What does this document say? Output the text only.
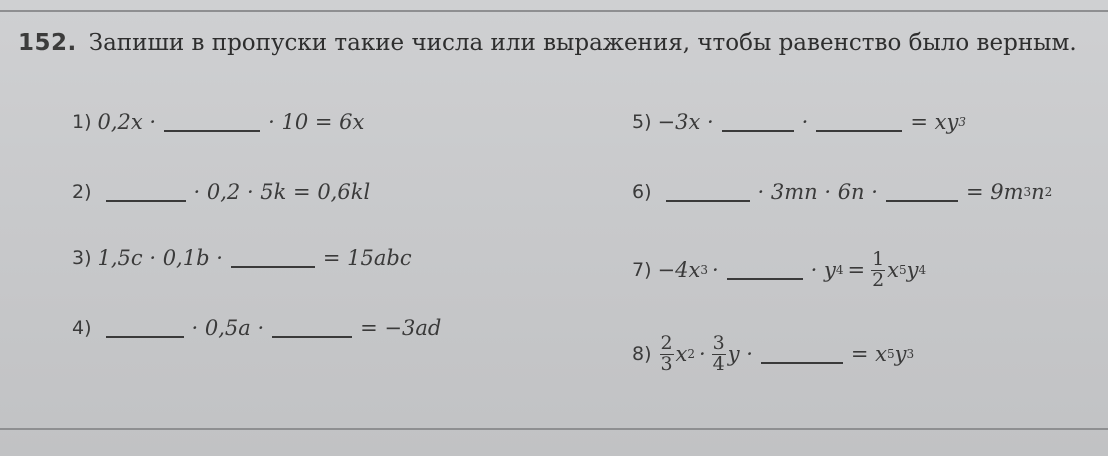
152. Запиши в пропуски такие числа или выражения, чтобы равенство было верным.
1) 0,2x ·	· 10 = 6x
2)	· 0,2 · 5k = 0,6kl
3) 1,5c · 0,1b ·	= 15abc
4)	· 0,5a ·	= −3ad
5) −3x ·	·	= xy 3
6)	· 3mn · 6n ·	= 9m 3 n 2
7) −4x 3 ·	· y $4 = \frac{1}{2}$ x 5 y 4
$8) \frac{2}{3}$ x $2 \cdot \frac{3}{4}$ y ·	= x 5 y 3
